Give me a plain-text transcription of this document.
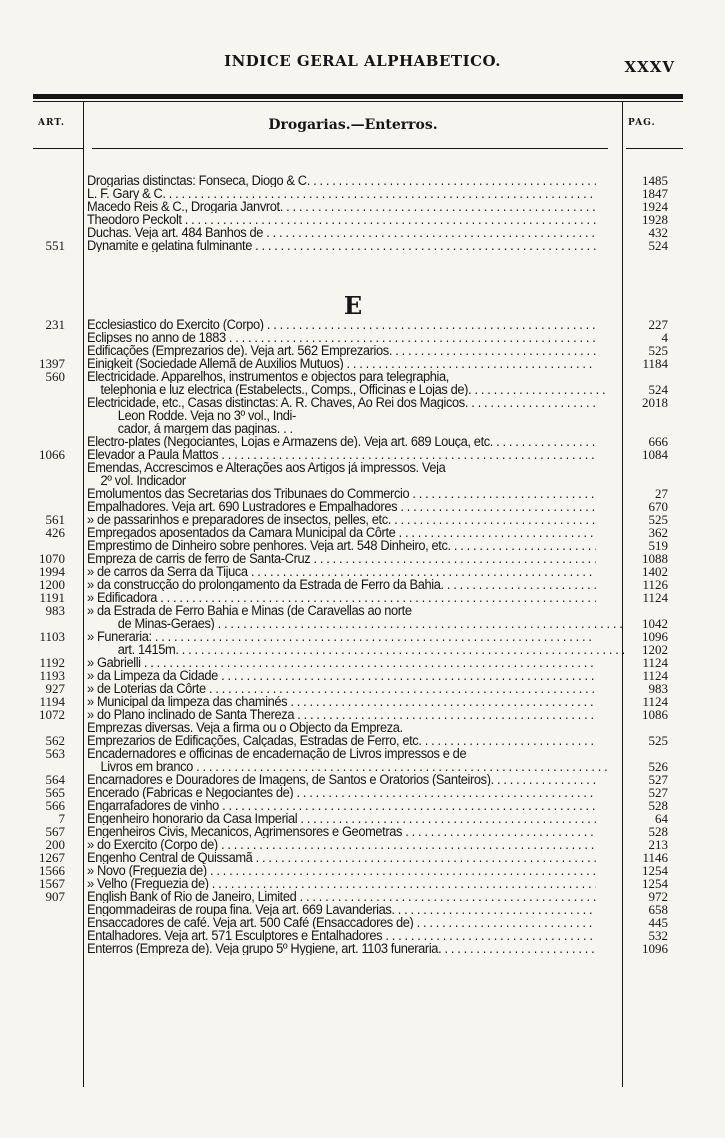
INDICE GERAL ALPHABETICO.	XXXV
ART.	Drogarias.—Enterros.	PAG.
E
Drogarias distinctas: Fonseca, Diogo & C. . . .	1485
L. F. Gary & C. . . .	1847
Macedo Reis & C., Drogaria Janvrot. . . .	1924
Theodoro Peckolt . . .	1928
Duchas. Veja art. 484 Banhos de . . .	432
551 Dynamite e gelatina fulminante . . .	524
231 Ecclesiastico do Exercito (Corpo) . . .	227
Eclipses no anno de 1883 . . .	4
Edificações (Emprezarios de). Veja art. 562 Emprezarios. . . .	525
1397 Einigkeit (Sociedade Allemã de Auxilios Mutuos) . . .	1184
560 Electricidade. Apparelhos, instrumentos e objectos para telegraphia,
telephonia e luz electrica (Estabelects., Comps., Officinas e Lojas de). . . .	524
Electricidade, etc., Casas distinctas: A. R. Chaves, Ao Rei dos Magicos. . . .	2018
Leon Rodde. Veja no 3º vol., Indi-
cador, á margem das paginas. . .
Electro-plates (Negociantes, Lojas e Armazens de). Veja art. 689 Louça, etc. . . .	666
1066 Elevador a Paula Mattos . . .	1084
Emendas, Accrescimos e Alterações aos Artigos já impressos. Veja
2º vol. Indicador
Emolumentos das Secretarias dos Tribunaes do Commercio . . .	27
Empalhadores. Veja art. 690 Lustradores e Empalhadores . . .	670
561 » de passarinhos e preparadores de insectos, pelles, etc. . . .	525
426 Empregados aposentados da Camara Municipal da Côrte . . .	362
Emprestimo de Dinheiro sobre penhores. Veja art. 548 Dinheiro, etc. . . .	519
1070 Empreza de carris de ferro de Santa-Cruz . . .	1088
1994 » de carros da Serra da Tijuca . . .	1402
1200 » da construcção do prolongamento da Estrada de Ferro da Bahia. . . .	1126
1191 » Edificadora . . .	1124
983 » da Estrada de Ferro Bahia e Minas (de Caravellas ao norte
de Minas-Geraes) . . .	1042
1103 » Funeraria: . . .	1096
art. 1415m. . . .	1202
1192 » Gabrielli . . .	1124
1193 » da Limpeza da Cidade . . .	1124
927 » de Loterias da Côrte . . .	983
1194 » Municipal da limpeza das chaminés . . .	1124
1072 » do Plano inclinado de Santa Thereza . . .	1086
Emprezas diversas. Veja a firma ou o Objecto da Empreza.
562 Emprezarios de Edificações, Calçadas, Estradas de Ferro, etc. . . .	525
563 Encadernadores e officinas de encadernação de Livros impressos e de
Livros em branco . . .	526
564 Encarnadores e Douradores de Imagens, de Santos e Oratorios (Santeiros). . . .	527
565 Encerado (Fabricas e Negociantes de) . . .	527
566 Engarrafadores de vinho . . .	528
7 Engenheiro honorario da Casa Imperial . . .	64
567 Engenheiros Civis, Mecanicos, Agrimensores e Geometras . . .	528
200 » do Exercito (Corpo de) . . .	213
1267 Engenho Central de Quissamã . . .	1146
1566 » Novo (Freguezia de) . . .	1254
1567 » Velho (Freguezia de) . . .	1254
907 English Bank of Rio de Janeiro, Limited . . .	972
Engommadeiras de roupa fina. Veja art. 669 Lavanderias. . . .	658
Ensaccadores de café. Veja art. 500 Café (Ensaccadores de) . . .	445
Entalhadores. Veja art. 571 Esculptores e Entalhadores . . .	532
Enterros (Empreza de). Veja grupo 5º Hygiene, art. 1103 funeraria. . . .	1096
